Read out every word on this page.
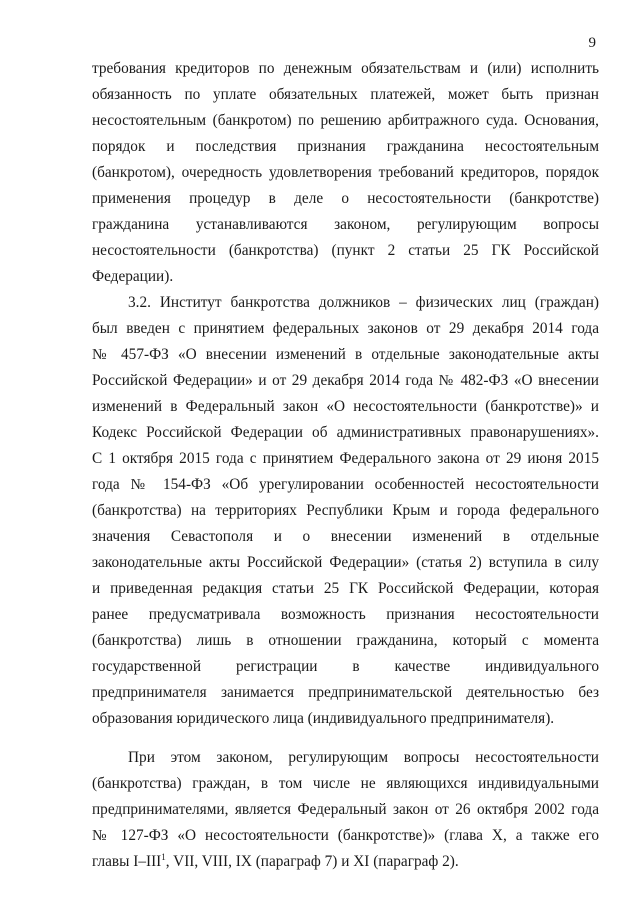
9
требования кредиторов по денежным обязательствам и (или) исполнить
обязанность по уплате обязательных платежей, может быть признан
несостоятельным (банкротом) по решению арбитражного суда. Основания,
порядок и последствия признания гражданина несостоятельным
(банкротом), очередность удовлетворения требований кредиторов, порядок
применения процедур в деле о несостоятельности (банкротстве)
гражданина устанавливаются законом, регулирующим вопросы
несостоятельности (банкротства) (пункт 2 статьи 25 ГК Российской
Федерации).
3.2. Институт банкротства должников – физических лиц (граждан)
был введен с принятием федеральных законов от 29 декабря 2014 года
№ 457-ФЗ «О внесении изменений в отдельные законодательные акты
Российской Федерации» и от 29 декабря 2014 года № 482-ФЗ «О внесении
изменений в Федеральный закон «О несостоятельности (банкротстве)» и
Кодекс Российской Федерации об административных правонарушениях».
С 1 октября 2015 года с принятием Федерального закона от 29 июня 2015
года № 154-ФЗ «Об урегулировании особенностей несостоятельности
(банкротства) на территориях Республики Крым и города федерального
значения Севастополя и о внесении изменений в отдельные
законодательные акты Российской Федерации» (статья 2) вступила в силу
и приведенная редакция статьи 25 ГК Российской Федерации, которая
ранее предусматривала возможность признания несостоятельности
(банкротства) лишь в отношении гражданина, который с момента
государственной регистрации в качестве индивидуального
предпринимателя занимается предпринимательской деятельностью без
образования юридического лица (индивидуального предпринимателя).
При этом законом, регулирующим вопросы несостоятельности
(банкротства) граждан, в том числе не являющихся индивидуальными
предпринимателями, является Федеральный закон от 26 октября 2002 года
№ 127-ФЗ «О несостоятельности (банкротстве)» (глава X, а также его
главы I–III$^1$, VII, VIII, IX (параграф 7) и XI (параграф 2).
